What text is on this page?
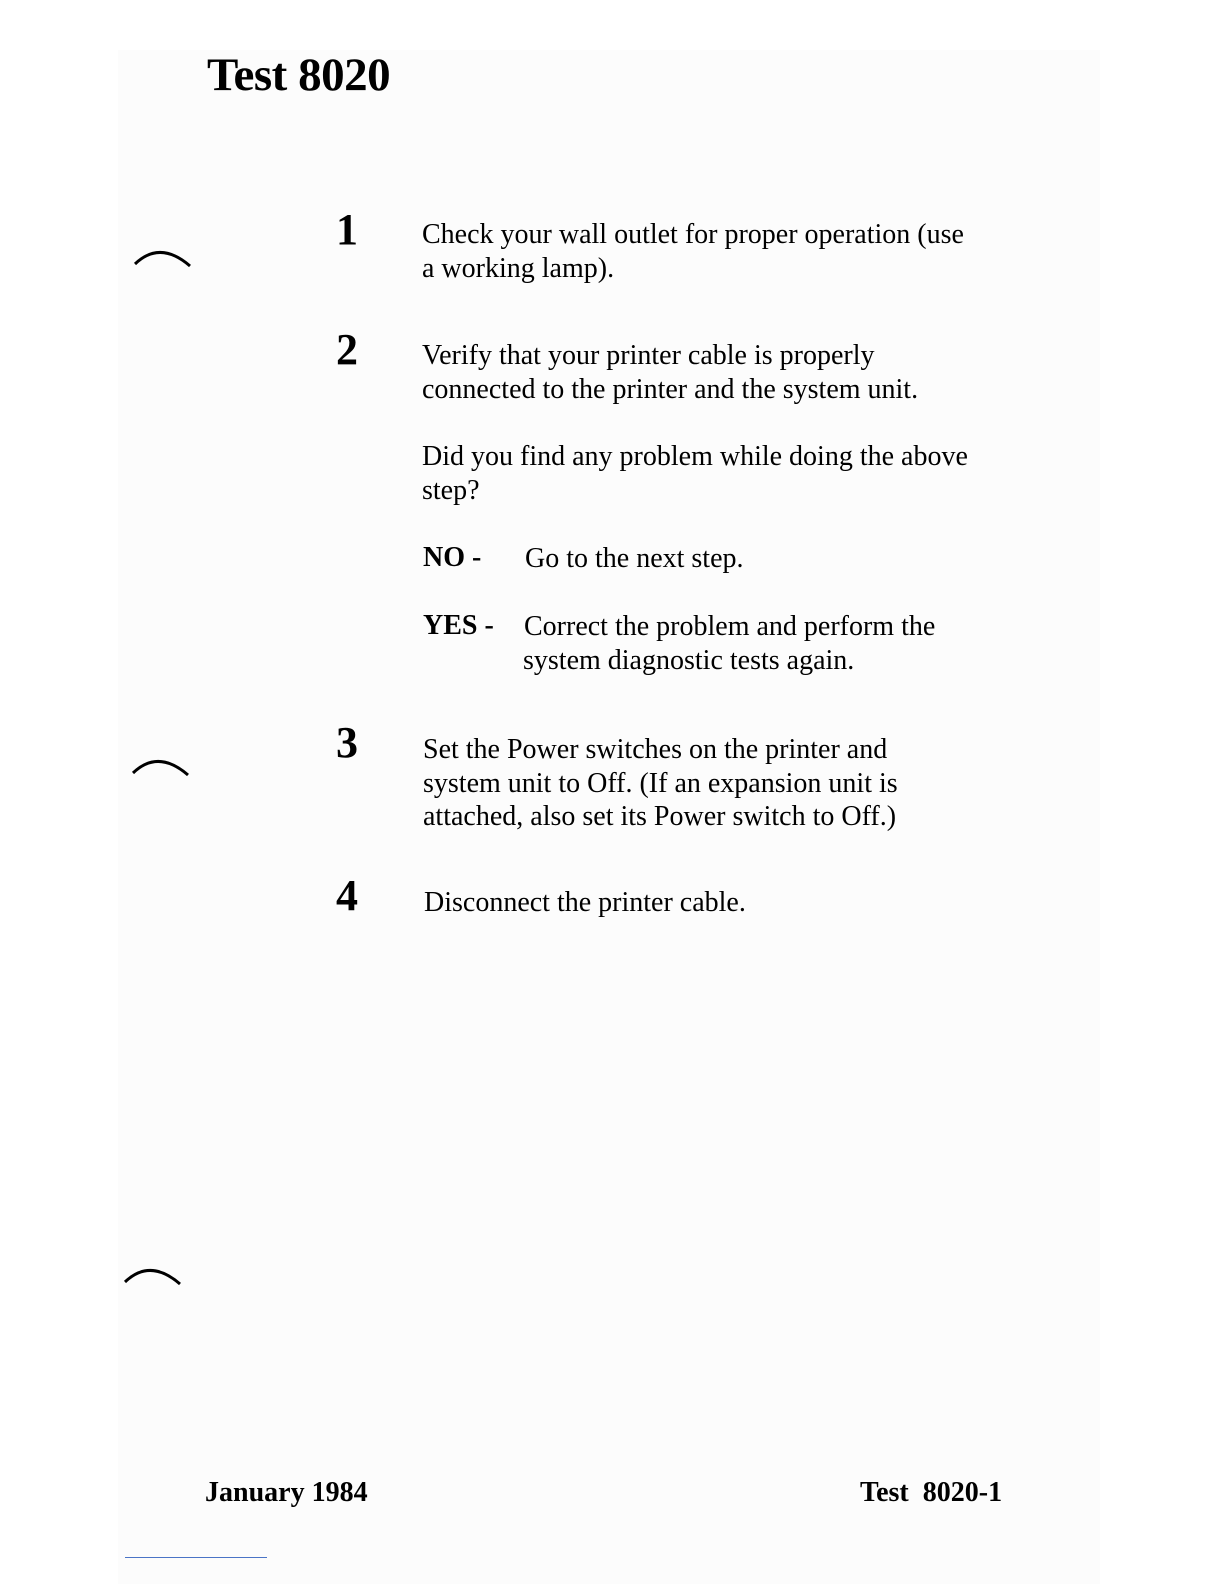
Test 8020
1 Check your wall outlet for proper operation (use

a working lamp).

2 Verify that your printer cable is properly

connected to the printer and the system unit.

Did you find any problem while doing the above

step?

NO - Go to the next step.

YES - Correct the problem and perform the

system diagnostic tests again.

3 Set the Power switches on the printer and

system unit to Off. (If an expansion unit is

attached, also set its Power switch to Off.)

4 Disconnect the printer cable.

January 1984	Test  8020-1
